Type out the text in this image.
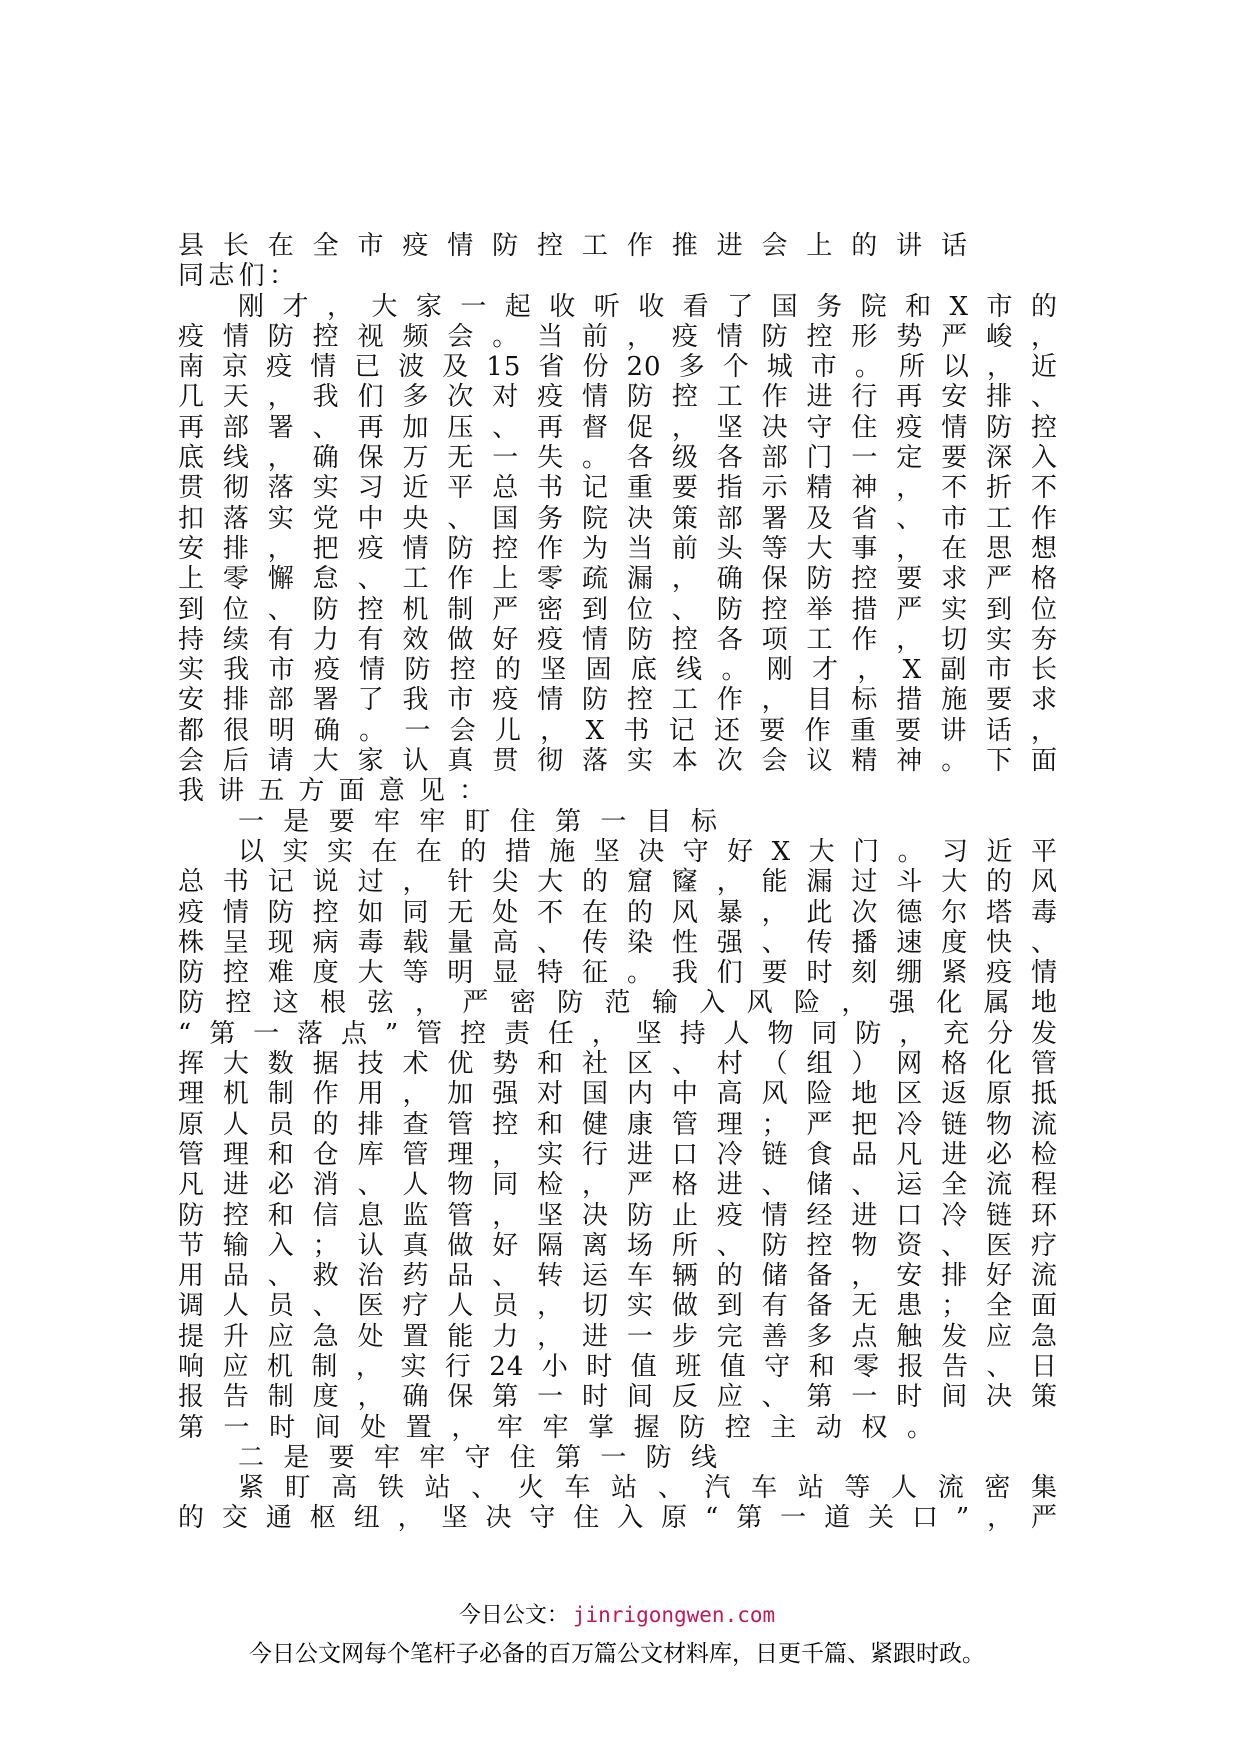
县长在全市疫情防控工作推进会上的讲话
同志们：
刚才，大家一起收听收看了国务院和X市的
疫情防控视频会。当前，疫情防控形势严峻，
南京疫情已波及15省份20多个城市。所以，近
几天，我们多次对疫情防控工作进行再安排、
再部署、再加压、再督促，坚决守住疫情防控
底线，确保万无一失。各级各部门一定要深入
贯彻落实习近平总书记重要指示精神，不折不
扣落实党中央、国务院决策部署及省、市工作
安排，把疫情防控作为当前头等大事，在思想
上零懈怠、工作上零疏漏，确保防控要求严格
到位、防控机制严密到位、防控举措严实到位
持续有力有效做好疫情防控各项工作，切实夯
实我市疫情防控的坚固底线。刚才，X副市长
安排部署了我市疫情防控工作，目标措施要求
都很明确。一会儿，X书记还要作重要讲话，
会后请大家认真贯彻落实本次会议精神。下面
我讲五方面意见：
一是要牢牢盯住第一目标
以实实在在的措施坚决守好X大门。习近平
总书记说过，针尖大的窟窿，能漏过斗大的风
疫情防控如同无处不在的风暴，此次德尔塔毒
株呈现病毒载量高、传染性强、传播速度快、
防控难度大等明显特征。我们要时刻绷紧疫情
防控这根弦，严密防范输入风险，强化属地
“第一落点”管控责任，坚持人物同防，充分发
挥大数据技术优势和社区、村（组）网格化管
理机制作用，加强对国内中高风险地区返原抵
原人员的排查管控和健康管理；严把冷链物流
管理和仓库管理，实行进口冷链食品凡进必检
凡进必消、人物同检，严格进、储、运全流程
防控和信息监管，坚决防止疫情经进口冷链环
节输入；认真做好隔离场所、防控物资、医疗
用品、救治药品、转运车辆的储备，安排好流
调人员、医疗人员，切实做到有备无患；全面
提升应急处置能力，进一步完善多点触发应急
响应机制，实行24小时值班值守和零报告、日
报告制度，确保第一时间反应、第一时间决策
第一时间处置，牢牢掌握防控主动权。
二是要牢牢守住第一防线
紧盯高铁站、火车站、汽车站等人流密集
的交通枢纽，坚决守住入原“第一道关口”，严
今日公文： jinrigongwen.com
今日公文网每个笔杆子必备的百万篇公文材料库，日更千篇、紧跟时政。
